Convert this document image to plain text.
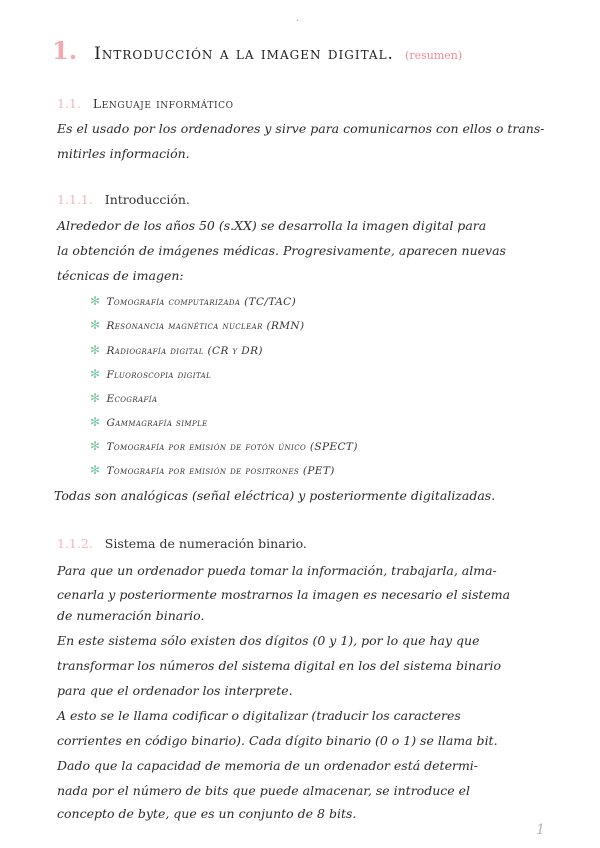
·
1. Introducción a la imagen digital. (resumen)
1.1. Lenguaje informático
Es el usado por los ordenadores y sirve para comunicarnos con ellos o trans-
mitirles información.
1.1.1. Introducción.
Alrededor de los años 50 (s.XX) se desarrolla la imagen digital para
la obtención de imágenes médicas. Progresivamente, aparecen nuevas
técnicas de imagen:
✻ Tomografía computarizada (TC/TAC)
✻ Resonancia magnética nuclear (RMN)
✻ Radiografía digital (CR y DR)
✻ Fluoroscopia digital
✻ Ecografía
✻ Gammagrafía simple
✻ Tomografía por emisión de fotón único (SPECT)
✻ Tomografía por emisión de positrones (PET)
Todas son analógicas (señal eléctrica) y posteriormente digitalizadas.
1.1.2. Sistema de numeración binario.
Para que un ordenador pueda tomar la información, trabajarla, alma-
cenarla y posteriormente mostrarnos la imagen es necesario el sistema
de numeración binario.
En este sistema sólo existen dos dígitos (0 y 1), por lo que hay que
transformar los números del sistema digital en los del sistema binario
para que el ordenador los interprete.
A esto se le llama codificar o digitalizar (traducir los caracteres
corrientes en código binario). Cada dígito binario (0 o 1) se llama bit.
Dado que la capacidad de memoria de un ordenador está determi-
nada por el número de bits que puede almacenar, se introduce el
concepto de byte, que es un conjunto de 8 bits.
1
